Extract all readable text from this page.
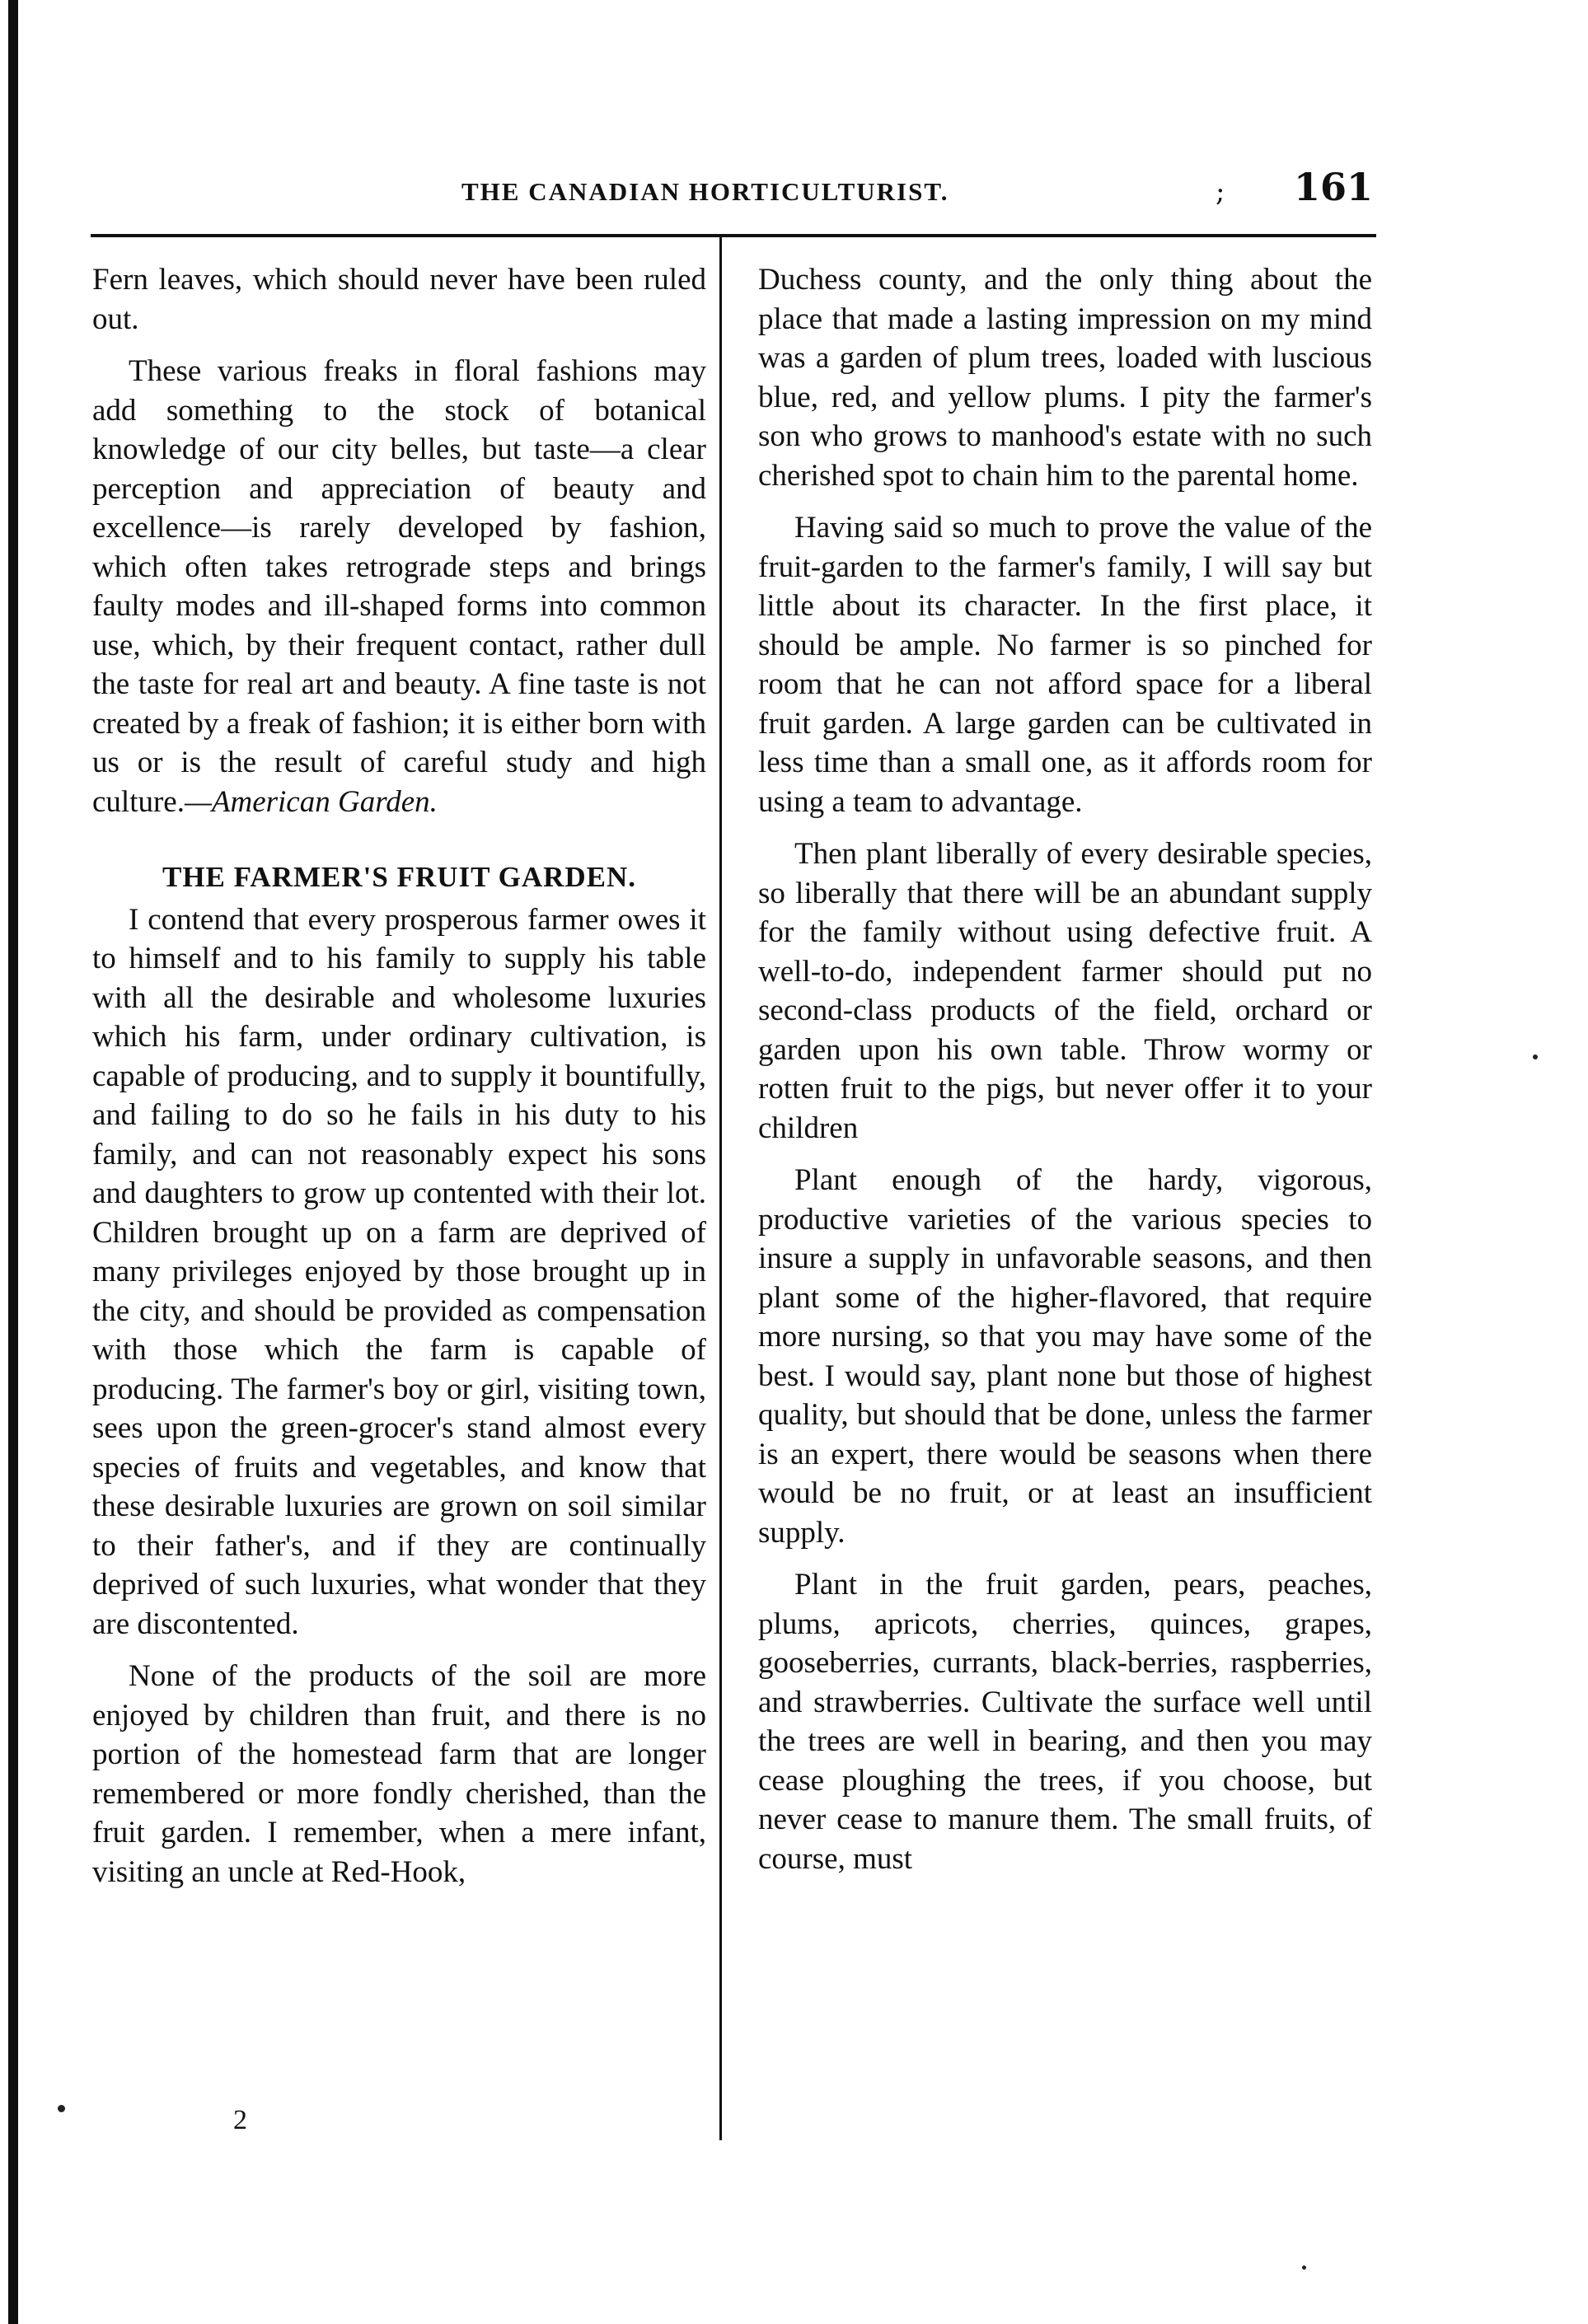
THE CANADIAN HORTICULTURIST.	; 161

Fern leaves, which should never have been ruled out.

These various freaks in floral fashions may add something to the stock of botanical knowledge of our city belles, but taste—a clear perception and appreciation of beauty and excellence—is rarely developed by fashion, which often takes retrograde steps and brings faulty modes and ill-shaped forms into common use, which, by their frequent contact, rather dull the taste for real art and beauty. A fine taste is not created by a freak of fashion; it is either born with us or is the result of careful study and high culture.—American Garden.

THE FARMER'S FRUIT GARDEN.

I contend that every prosperous farmer owes it to himself and to his family to supply his table with all the desirable and wholesome luxuries which his farm, under ordinary cultivation, is capable of producing, and to supply it bountifully, and failing to do so he fails in his duty to his family, and can not reasonably expect his sons and daughters to grow up contented with their lot. Children brought up on a farm are deprived of many privileges enjoyed by those brought up in the city, and should be provided as compensation with those which the farm is capable of producing. The farmer's boy or girl, visiting town, sees upon the green-grocer's stand almost every species of fruits and vegetables, and know that these desirable luxuries are grown on soil similar to their father's, and if they are continually deprived of such luxuries, what wonder that they are discontented.

None of the products of the soil are more enjoyed by children than fruit, and there is no portion of the homestead farm that are longer remembered or more fondly cherished, than the fruit garden. I remember, when a mere infant, visiting an uncle at Red-Hook,

2

Duchess county, and the only thing about the place that made a lasting impression on my mind was a garden of plum trees, loaded with luscious blue, red, and yellow plums. I pity the farmer's son who grows to manhood's estate with no such cherished spot to chain him to the parental home.

Having said so much to prove the value of the fruit-garden to the farmer's family, I will say but little about its character. In the first place, it should be ample. No farmer is so pinched for room that he can not afford space for a liberal fruit garden. A large garden can be cultivated in less time than a small one, as it affords room for using a team to advantage.

Then plant liberally of every desirable species, so liberally that there will be an abundant supply for the family without using defective fruit. A well-to-do, independent farmer should put no second-class products of the field, orchard or garden upon his own table. Throw wormy or rotten fruit to the pigs, but never offer it to your children

Plant enough of the hardy, vigorous, productive varieties of the various species to insure a supply in unfavorable seasons, and then plant some of the higher-flavored, that require more nursing, so that you may have some of the best. I would say, plant none but those of highest quality, but should that be done, unless the farmer is an expert, there would be seasons when there would be no fruit, or at least an insufficient supply.

Plant in the fruit garden, pears, peaches, plums, apricots, cherries, quinces, grapes, gooseberries, currants, black-berries, raspberries, and strawberries. Cultivate the surface well until the trees are well in bearing, and then you may cease ploughing the trees, if you choose, but never cease to manure them. The small fruits, of course, must
